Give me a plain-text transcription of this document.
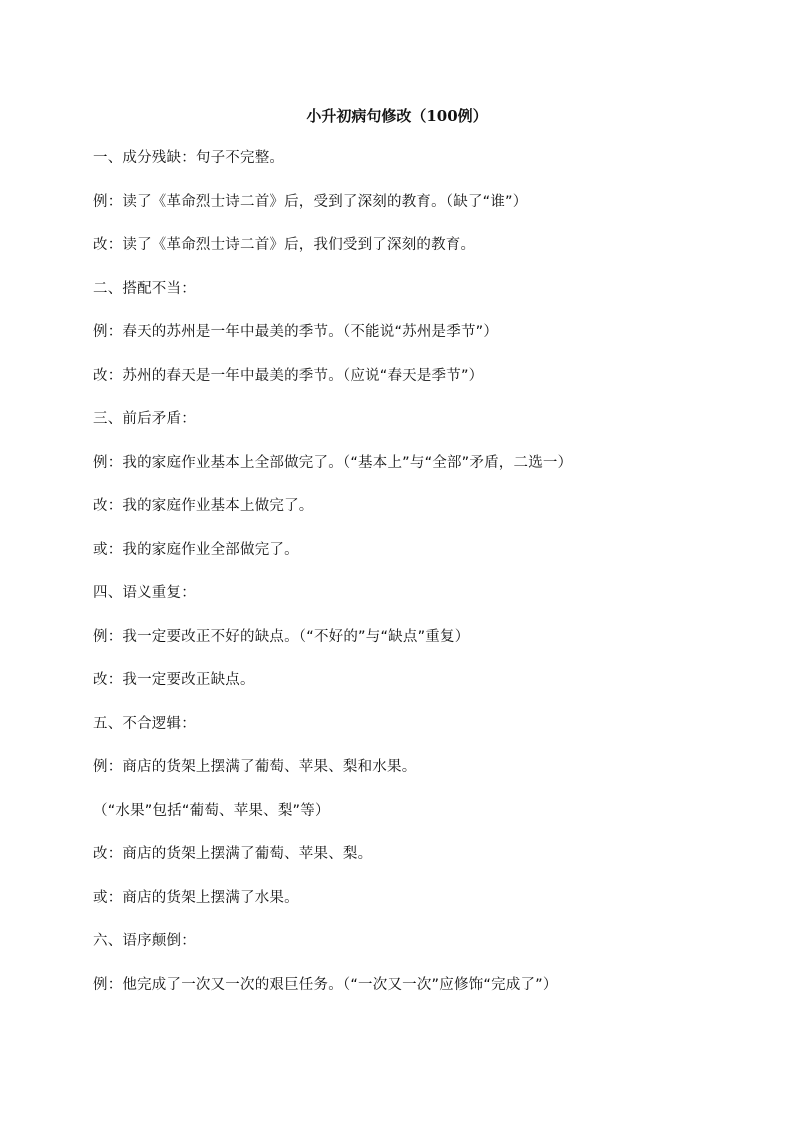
小升初病句修改（100例）
一、成分残缺：句子不完整。
例：读了《革命烈士诗二首》后，受到了深刻的教育。（缺了“谁”）
改：读了《革命烈士诗二首》后，我们受到了深刻的教育。
二、搭配不当：
例：春天的苏州是一年中最美的季节。（不能说“苏州是季节”）
改：苏州的春天是一年中最美的季节。（应说“春天是季节”）
三、前后矛盾：
例：我的家庭作业基本上全部做完了。（“基本上”与“全部”矛盾，二选一）
改：我的家庭作业基本上做完了。
或：我的家庭作业全部做完了。
四、语义重复：
例：我一定要改正不好的缺点。（“不好的”与“缺点”重复）
改：我一定要改正缺点。
五、不合逻辑：
例：商店的货架上摆满了葡萄、苹果、梨和水果。
（“水果”包括“葡萄、苹果、梨”等）
改：商店的货架上摆满了葡萄、苹果、梨。
或：商店的货架上摆满了水果。
六、语序颠倒：
例：他完成了一次又一次的艰巨任务。（“一次又一次”应修饰“完成了”）
